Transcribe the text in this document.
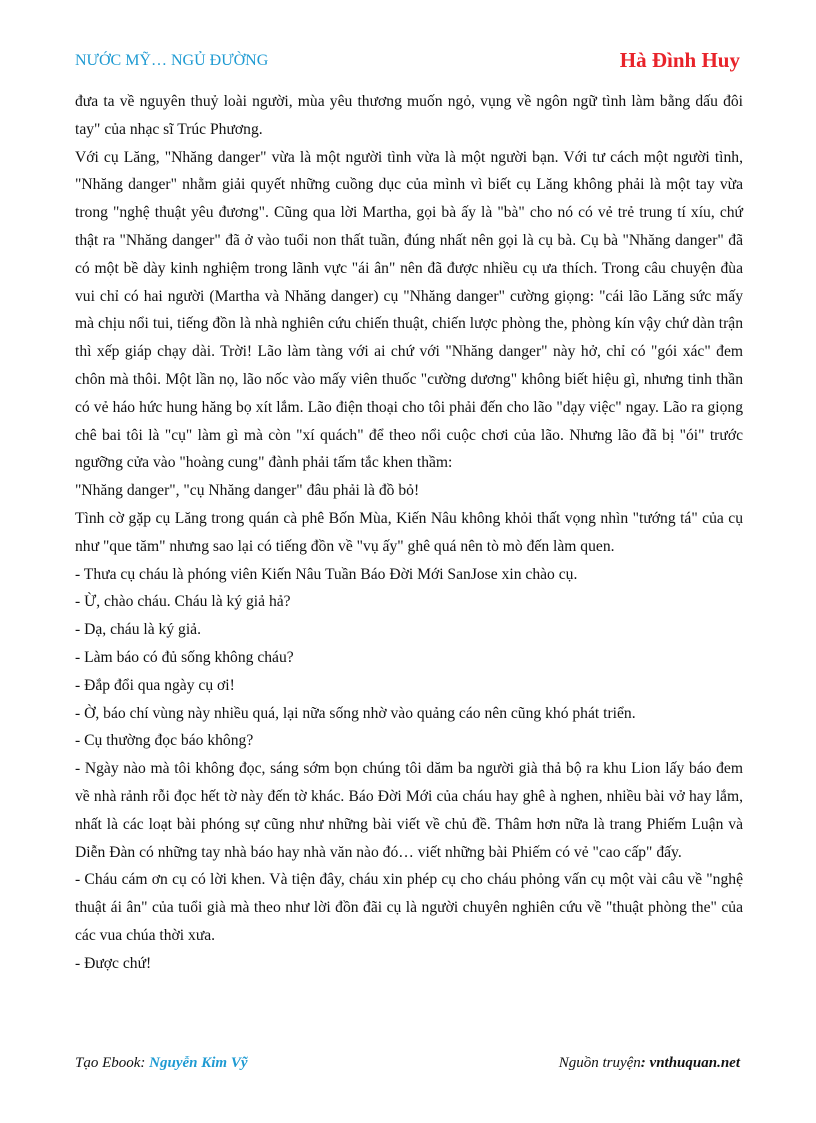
NƯỚC MỸ… NGỦ ĐƯỜNG	Hà Đình Huy

đưa ta về nguyên thuỷ loài người, mùa yêu thương muốn ngỏ, vụng về ngôn ngữ tình làm bằng dấu đôi tay" của nhạc sĩ Trúc Phương.

Với cụ Lăng, "Nhăng danger" vừa là một người tình vừa là một người bạn. Với tư cách một người tình, "Nhăng danger" nhằm giải quyết những cuồng dục của mình vì biết cụ Lăng không phải là một tay vừa trong "nghệ thuật yêu đương". Cũng qua lời Martha, gọi bà ấy là "bà" cho nó có vẻ trẻ trung tí xíu, chứ thật ra "Nhăng danger" đã ở vào tuổi non thất tuần, đúng nhất nên gọi là cụ bà. Cụ bà "Nhăng danger" đã có một bề dày kinh nghiệm trong lãnh vực "ái ân" nên đã được nhiều cụ ưa thích. Trong câu chuyện đùa vui chỉ có hai người (Martha và Nhăng danger) cụ "Nhăng danger" cường giọng: "cái lão Lăng sức mấy mà chịu nổi tui, tiếng đồn là nhà nghiên cứu chiến thuật, chiến lược phòng the, phòng kín vậy chứ dàn trận thì xếp giáp chạy dài. Trời! Lão làm tàng với ai chứ với "Nhăng danger" này hở, chỉ có "gói xác" đem chôn mà thôi. Một lần nọ, lão nốc vào mấy viên thuốc "cường dương" không biết hiệu gì, nhưng tinh thần có vẻ háo hức hung hăng bọ xít lắm. Lão điện thoại cho tôi phải đến cho lão "dạy việc" ngay. Lão ra giọng chê bai tôi là "cụ" làm gì mà còn "xí quách" để theo nổi cuộc chơi của lão. Nhưng lão đã bị "ói" trước ngưỡng cửa vào "hoàng cung" đành phải tấm tắc khen thầm:

"Nhăng danger", "cụ Nhăng danger" đâu phải là đồ bỏ!

Tình cờ gặp cụ Lăng trong quán cà phê Bốn Mùa, Kiến Nâu không khỏi thất vọng nhìn "tướng tá" của cụ như "que tăm" nhưng sao lại có tiếng đồn về "vụ ấy" ghê quá nên tò mò đến làm quen.

- Thưa cụ cháu là phóng viên Kiến Nâu Tuần Báo Đời Mới SanJose xin chào cụ.

- Ừ, chào cháu. Cháu là ký giả hả?

- Dạ, cháu là ký giả.

- Làm báo có đủ sống không cháu?

- Đắp đổi qua ngày cụ ơi!

- Ờ, báo chí vùng này nhiều quá, lại nữa sống nhờ vào quảng cáo nên cũng khó phát triển.

- Cụ thường đọc báo không?

- Ngày nào mà tôi không đọc, sáng sớm bọn chúng tôi dăm ba người già thả bộ ra khu Lion lấy báo đem về nhà rảnh rỗi đọc hết tờ này đến tờ khác. Báo Đời Mới của cháu hay ghê à nghen, nhiều bài vở hay lắm, nhất là các loạt bài phóng sự cũng như những bài viết về chủ đề. Thâm hơn nữa là trang Phiếm Luận và Diễn Đàn có những tay nhà báo hay nhà văn nào đó… viết những bài Phiếm có vẻ "cao cấp" đấy.

- Cháu cám ơn cụ có lời khen. Và tiện đây, cháu xin phép cụ cho cháu phỏng vấn cụ một vài câu về "nghệ thuật ái ân" của tuổi già mà theo như lời đồn đãi cụ là người chuyên nghiên cứu về "thuật phòng the" của các vua chúa thời xưa.

- Được chứ!

Tạo Ebook: Nguyễn Kim Vỹ	Nguồn truyện: vnthuquan.net
